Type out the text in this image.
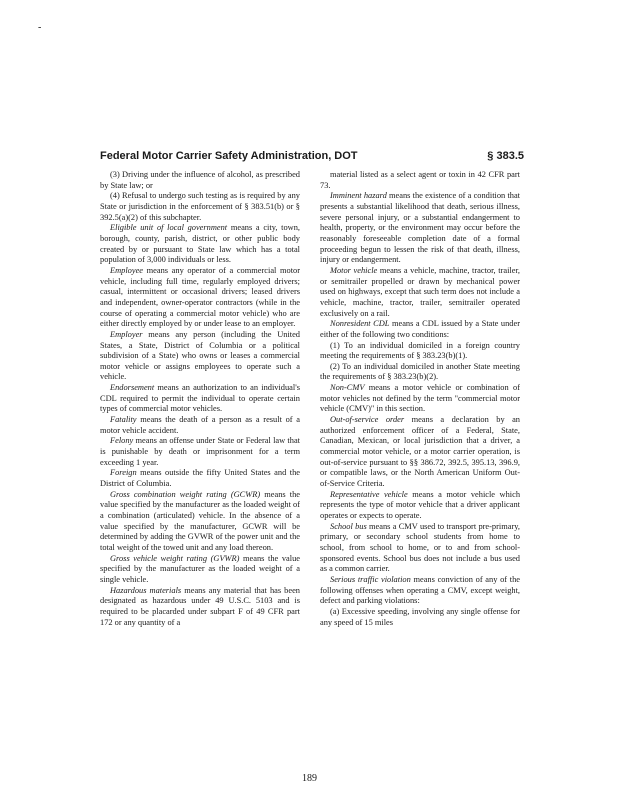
‑
Federal Motor Carrier Safety Administration, DOT	§ 383.5

(3) Driving under the influence of alcohol, as prescribed by State law; or

(4) Refusal to undergo such testing as is required by any State or jurisdiction in the enforcement of § 383.51(b) or § 392.5(a)(2) of this subchapter.

Eligible unit of local government means a city, town, borough, county, parish, district, or other public body created by or pursuant to State law which has a total population of 3,000 individuals or less.

Employee means any operator of a commercial motor vehicle, including full time, regularly employed drivers; casual, intermittent or occasional drivers; leased drivers and independent, owner-operator contractors (while in the course of operating a commercial motor vehicle) who are either directly employed by or under lease to an employer.

Employer means any person (including the United States, a State, District of Columbia or a political subdivision of a State) who owns or leases a commercial motor vehicle or assigns employees to operate such a vehicle.

Endorsement means an authorization to an individual's CDL required to permit the individual to operate certain types of commercial motor vehicles.

Fatality means the death of a person as a result of a motor vehicle accident.

Felony means an offense under State or Federal law that is punishable by death or imprisonment for a term exceeding 1 year.

Foreign means outside the fifty United States and the District of Columbia.

Gross combination weight rating (GCWR) means the value specified by the manufacturer as the loaded weight of a combination (articulated) vehicle. In the absence of a value specified by the manufacturer, GCWR will be determined by adding the GVWR of the power unit and the total weight of the towed unit and any load thereon.

Gross vehicle weight rating (GVWR) means the value specified by the manufacturer as the loaded weight of a single vehicle.

Hazardous materials means any material that has been designated as hazardous under 49 U.S.C. 5103 and is required to be placarded under subpart F of 49 CFR part 172 or any quantity of a

material listed as a select agent or toxin in 42 CFR part 73.

Imminent hazard means the existence of a condition that presents a substantial likelihood that death, serious illness, severe personal injury, or a substantial endangerment to health, property, or the environment may occur before the reasonably foreseeable completion date of a formal proceeding begun to lessen the risk of that death, illness, injury or endangerment.

Motor vehicle means a vehicle, machine, tractor, trailer, or semitrailer propelled or drawn by mechanical power used on highways, except that such term does not include a vehicle, machine, tractor, trailer, semitrailer operated exclusively on a rail.

Nonresident CDL means a CDL issued by a State under either of the following two conditions:

(1) To an individual domiciled in a foreign country meeting the requirements of § 383.23(b)(1).

(2) To an individual domiciled in another State meeting the requirements of § 383.23(b)(2).

Non-CMV means a motor vehicle or combination of motor vehicles not defined by the term "commercial motor vehicle (CMV)" in this section.

Out-of-service order means a declaration by an authorized enforcement officer of a Federal, State, Canadian, Mexican, or local jurisdiction that a driver, a commercial motor vehicle, or a motor carrier operation, is out-of-service pursuant to §§ 386.72, 392.5, 395.13, 396.9, or compatible laws, or the North American Uniform Out-of-Service Criteria.

Representative vehicle means a motor vehicle which represents the type of motor vehicle that a driver applicant operates or expects to operate.

School bus means a CMV used to transport pre-primary, primary, or secondary school students from home to school, from school to home, or to and from school-sponsored events. School bus does not include a bus used as a common carrier.

Serious traffic violation means conviction of any of the following offenses when operating a CMV, except weight, defect and parking violations:

(a) Excessive speeding, involving any single offense for any speed of 15 miles

189
